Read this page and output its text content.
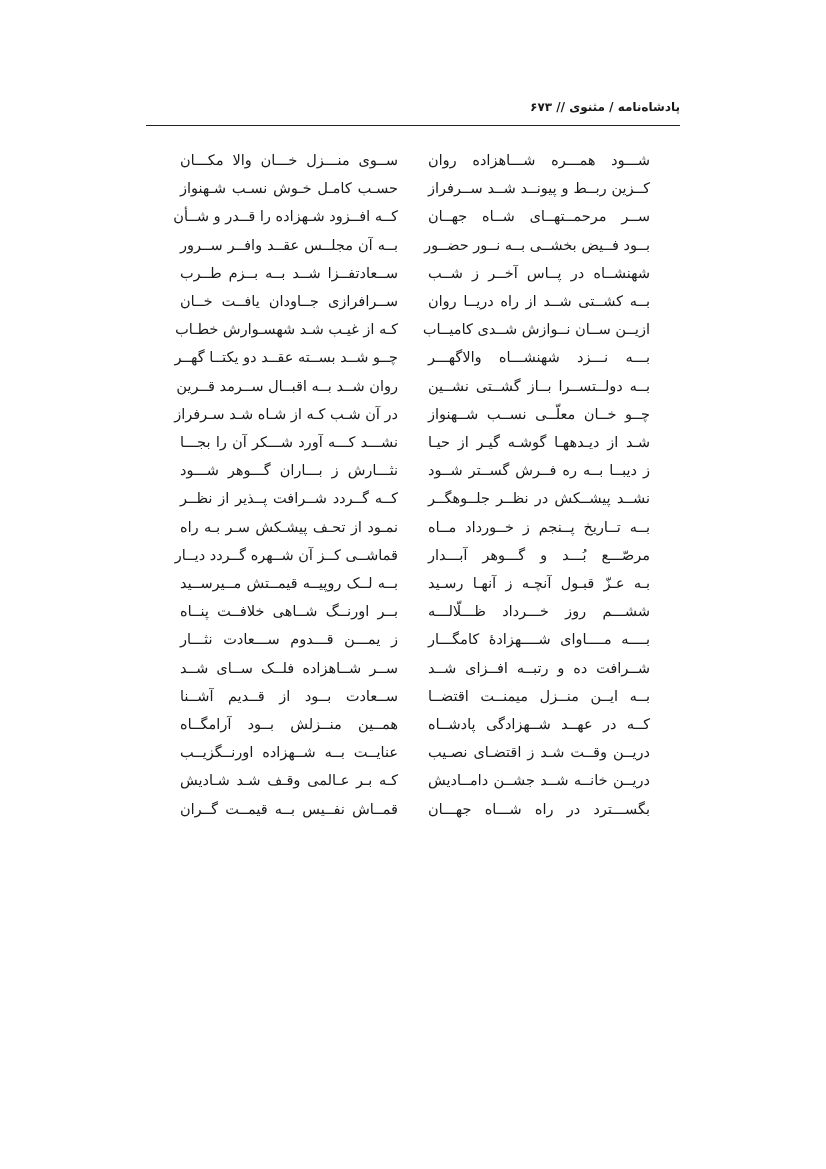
پادشاه‌نامه / مثنوی // ۶۷۳
شـــود همـــره شـــاهزاده روان
ســوی منـــزل خـــان والا مکـــان
کــزین ربــط و پیونــد شــد ســرفراز
حسـب کامـل خـوش نسـب شـهنواز
ســر مرحمــتهــای شــاه جهــان
کــه افــزود شـهزاده را قــدر و شــأن
بــود فــیض بخشــی بــه نــور حضــور
بــه آن مجلــس عقــد وافــر ســرور
شهنشــاه در پــاس آخــر ز شــب
ســعادتفــزا شــد بــه بــزم طــرب
بــه کشــتی شــد از راه دریــا روان
ســرافرازی جــاودان یافــت خــان
ازیــن ســان نــوازش شــدی کامیــاب
کـه از غیـب شـد شهسـوارش خطـاب
بـــه نـــزد شهنشـــاه والاگهـــر
چــو شــد بســته عقــد دو یکتــا گهــر
بــه دولــتســرا بــاز گشــتی نشــین
روان شــد بــه اقبــال ســرمد قــرین
چــو خــان معلّــی نســب شــهنواز
در آن شـب کـه از شـاه شـد سـرفراز
شـد از دیـدههـا گوشـه گیـر از حیـا
نشـــد کـــه آورد شـــکر آن را بجـــا
ز دیبــا بــه ره فــرش گســتر شــود
نثـــارش ز بـــاران گـــوهر شـــود
نشــد پیشــکش در نظــر جلــوهگــر
کــه گــردد شــرافت پــذیر از نظــر
بــه تــاریخ پــنجم ز خــورداد مــاه
نمـود از تحـف پیشـکش سـر بـه راه
مرصّـــع بُـــد و گـــوهر آبـــدار
قماشــی کــز آن شــهره گــردد دیــار
بـه عـزّ قبـول آنچـه ز آنهـا رسـید
بــه لــک روپیــه قیمــتش مــیرســید
ششـــم روز خـــرداد ظـــلّالـــه
بــر اورنــگ شــاهی خلافــت پنــاه
بــــه مــــاوای شــــهزادهٔ کامگـــار
ز یمـــن قـــدوم ســـعادت نثـــار
شــرافت ده و رتبــه افــزای شــد
ســر شــاهزاده فلــک ســای شــد
بــه ایــن منــزل میمنــت اقتضــا
ســعادت بــود از قــدیم آشــنا
کــه در عهــد شــهزادگی پادشــاه
همــین منــزلش بــود آرامگــاه
دریــن وقــت شـد ز اقتضـای نصـیب
عنایــت بــه شــهزاده اورنــگزیــب
دریــن خانــه شــد جشــن دامــادیش
کـه بـر عـالمی وقـف شـد شـادیش
بگســـترد در راه شـــاه جهـــان
قمــاش نفــیس بــه قیمــت گــران
